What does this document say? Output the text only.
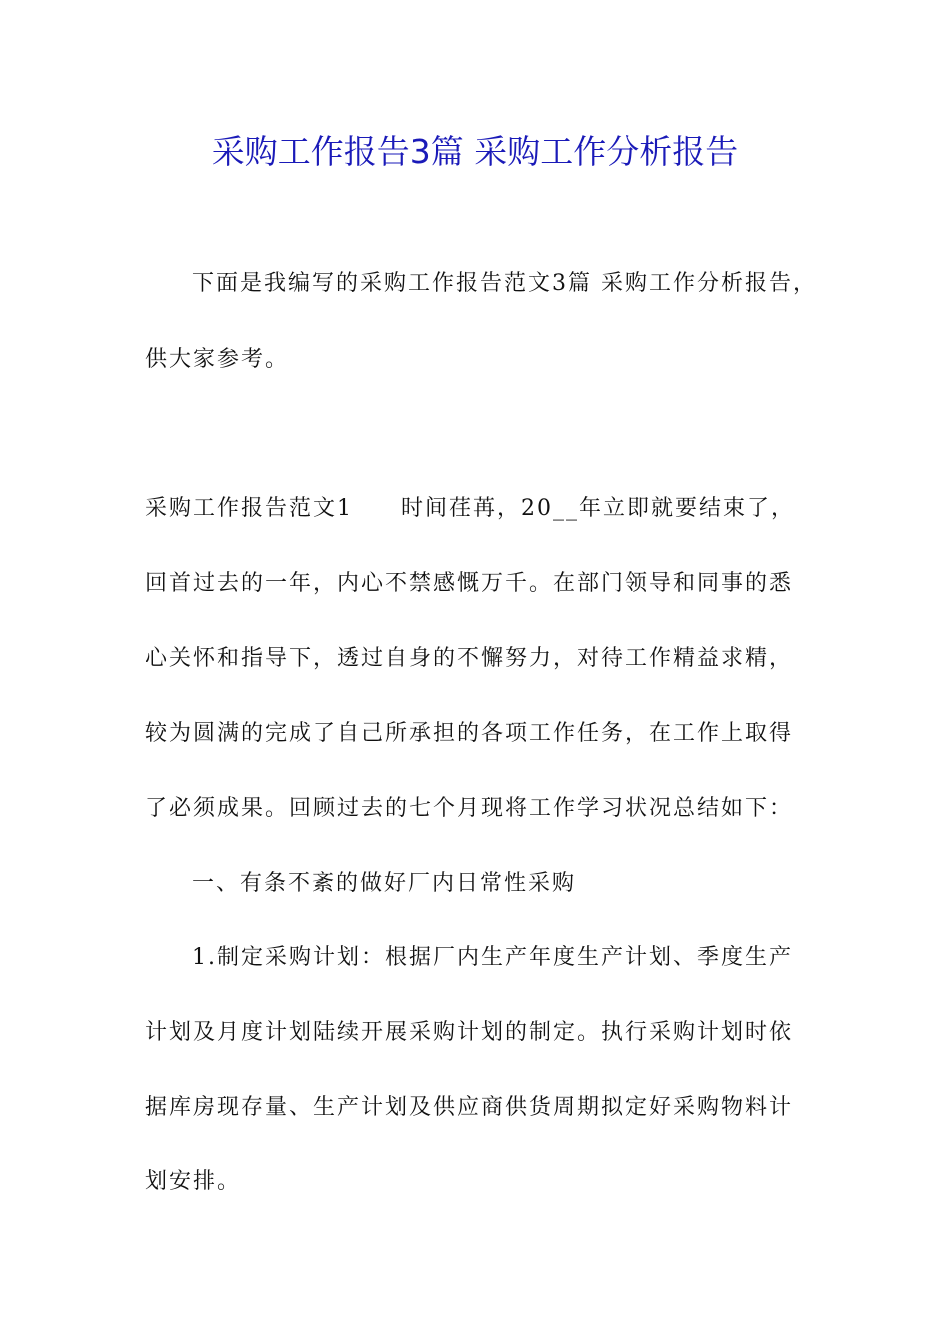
采购工作报告3篇 采购工作分析报告
下面是我编写的采购工作报告范文3篇 采购工作分析报告，
供大家参考。
采购工作报告范文1　　时间荏苒，20__年立即就要结束了，
回首过去的一年，内心不禁感慨万千。在部门领导和同事的悉
心关怀和指导下，透过自身的不懈努力，对待工作精益求精，
较为圆满的完成了自己所承担的各项工作任务，在工作上取得
了必须成果。回顾过去的七个月现将工作学习状况总结如下：
一、有条不紊的做好厂内日常性采购
1.制定采购计划：根据厂内生产年度生产计划、季度生产
计划及月度计划陆续开展采购计划的制定。执行采购计划时依
据库房现存量、生产计划及供应商供货周期拟定好采购物料计
划安排。
